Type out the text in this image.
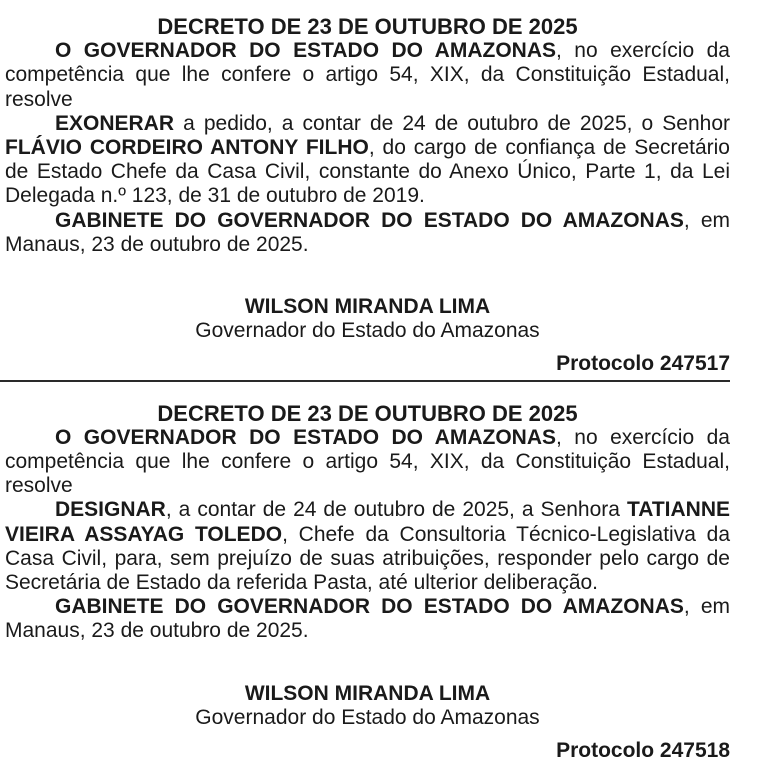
DECRETO DE 23 DE OUTUBRO DE 2025

O GOVERNADOR DO ESTADO DO AMAZONAS, no exercício da competência que lhe confere o artigo 54, XIX, da Constituição Estadual, resolve

EXONERAR a pedido, a contar de 24 de outubro de 2025, o Senhor FLÁVIO CORDEIRO ANTONY FILHO, do cargo de confiança de Secretário de Estado Chefe da Casa Civil, constante do Anexo Único, Parte 1, da Lei Delegada n.º 123, de 31 de outubro de 2019.

GABINETE DO GOVERNADOR DO ESTADO DO AMAZONAS, em Manaus, 23 de outubro de 2025.

WILSON MIRANDA LIMA
Governador do Estado do Amazonas
Protocolo 247517
DECRETO DE 23 DE OUTUBRO DE 2025

O GOVERNADOR DO ESTADO DO AMAZONAS, no exercício da competência que lhe confere o artigo 54, XIX, da Constituição Estadual, resolve

DESIGNAR, a contar de 24 de outubro de 2025, a Senhora TATIANNE VIEIRA ASSAYAG TOLEDO, Chefe da Consultoria Técnico-Legislativa da Casa Civil, para, sem prejuízo de suas atribuições, responder pelo cargo de Secretária de Estado da referida Pasta, até ulterior deliberação.

GABINETE DO GOVERNADOR DO ESTADO DO AMAZONAS, em Manaus, 23 de outubro de 2025.

WILSON MIRANDA LIMA
Governador do Estado do Amazonas
Protocolo 247518
